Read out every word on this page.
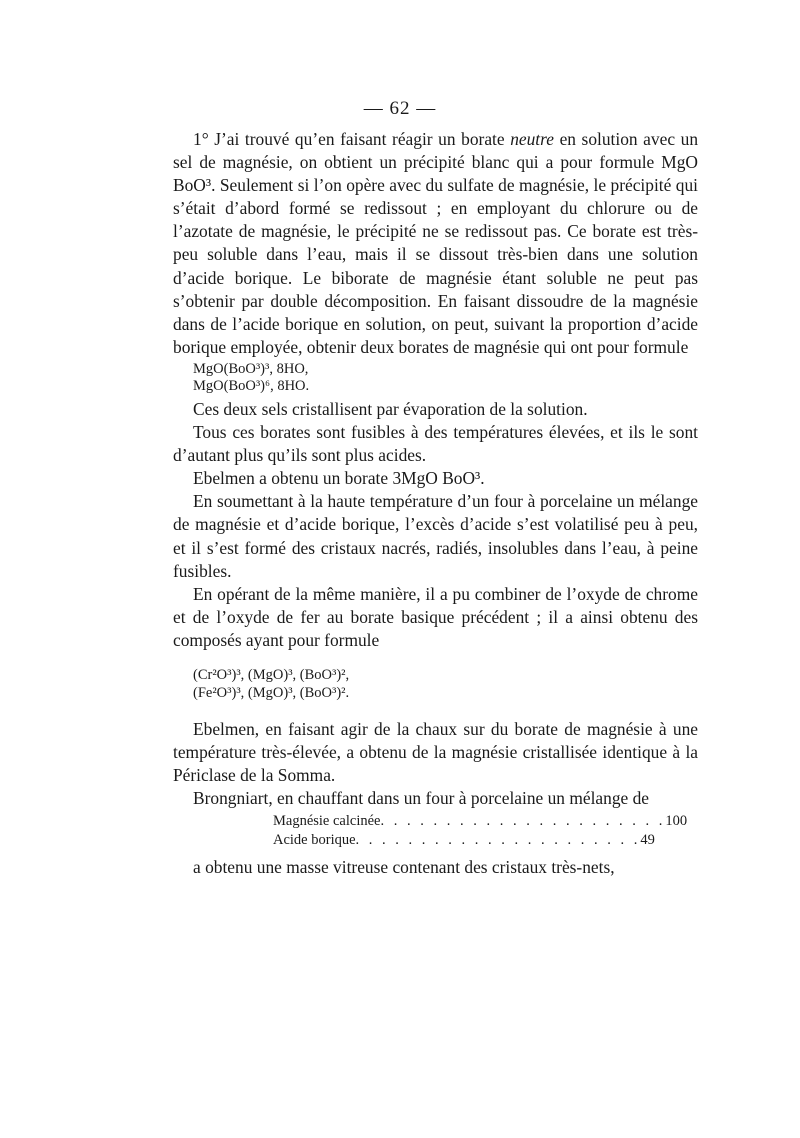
— 62 —

1° J’ai trouvé qu’en faisant réagir un borate neutre en solution avec un sel de magnésie, on obtient un précipité blanc qui a pour formule MgO BoO³. Seulement si l’on opère avec du sulfate de magnésie, le précipité qui s’était d’abord formé se redissout ; en employant du chlorure ou de l’azotate de magnésie, le précipité ne se redissout pas. Ce borate est très-peu soluble dans l’eau, mais il se dissout très-bien dans une solution d’acide borique. Le biborate de magnésie étant soluble ne peut pas s’obtenir par double décomposition. En faisant dissoudre de la magnésie dans de l’acide borique en solution, on peut, suivant la proportion d’acide borique employée, obtenir deux borates de magnésie qui ont pour formule

MgO(BoO³)³, 8HO,
MgO(BoO³)⁶, 8HO.

Ces deux sels cristallisent par évaporation de la solution.

Tous ces borates sont fusibles à des températures élevées, et ils le sont d’autant plus qu’ils sont plus acides.

Ebelmen a obtenu un borate 3MgO BoO³.

En soumettant à la haute température d’un four à porcelaine un mélange de magnésie et d’acide borique, l’excès d’acide s’est volatilisé peu à peu, et il s’est formé des cristaux nacrés, radiés, insolubles dans l’eau, à peine fusibles.

En opérant de la même manière, il a pu combiner de l’oxyde de chrome et de l’oxyde de fer au borate basique précédent ; il a ainsi obtenu des composés ayant pour formule

(Cr²O³)³, (MgO)³, (BoO³)²,
(Fe²O³)³, (MgO)³, (BoO³)².

Ebelmen, en faisant agir de la chaux sur du borate de magnésie à une température très-élevée, a obtenu de la magnésie cristallisée identique à la Périclase de la Somma.

Brongniart, en chauffant dans un four à porcelaine un mélange de

Magnésie calcinée . . . . . . . . . . . . . . . . . . . . . . 100
Acide borique . . . . . . . . . . . . . . . . . . . . . . 49

a obtenu une masse vitreuse contenant des cristaux très-nets,
